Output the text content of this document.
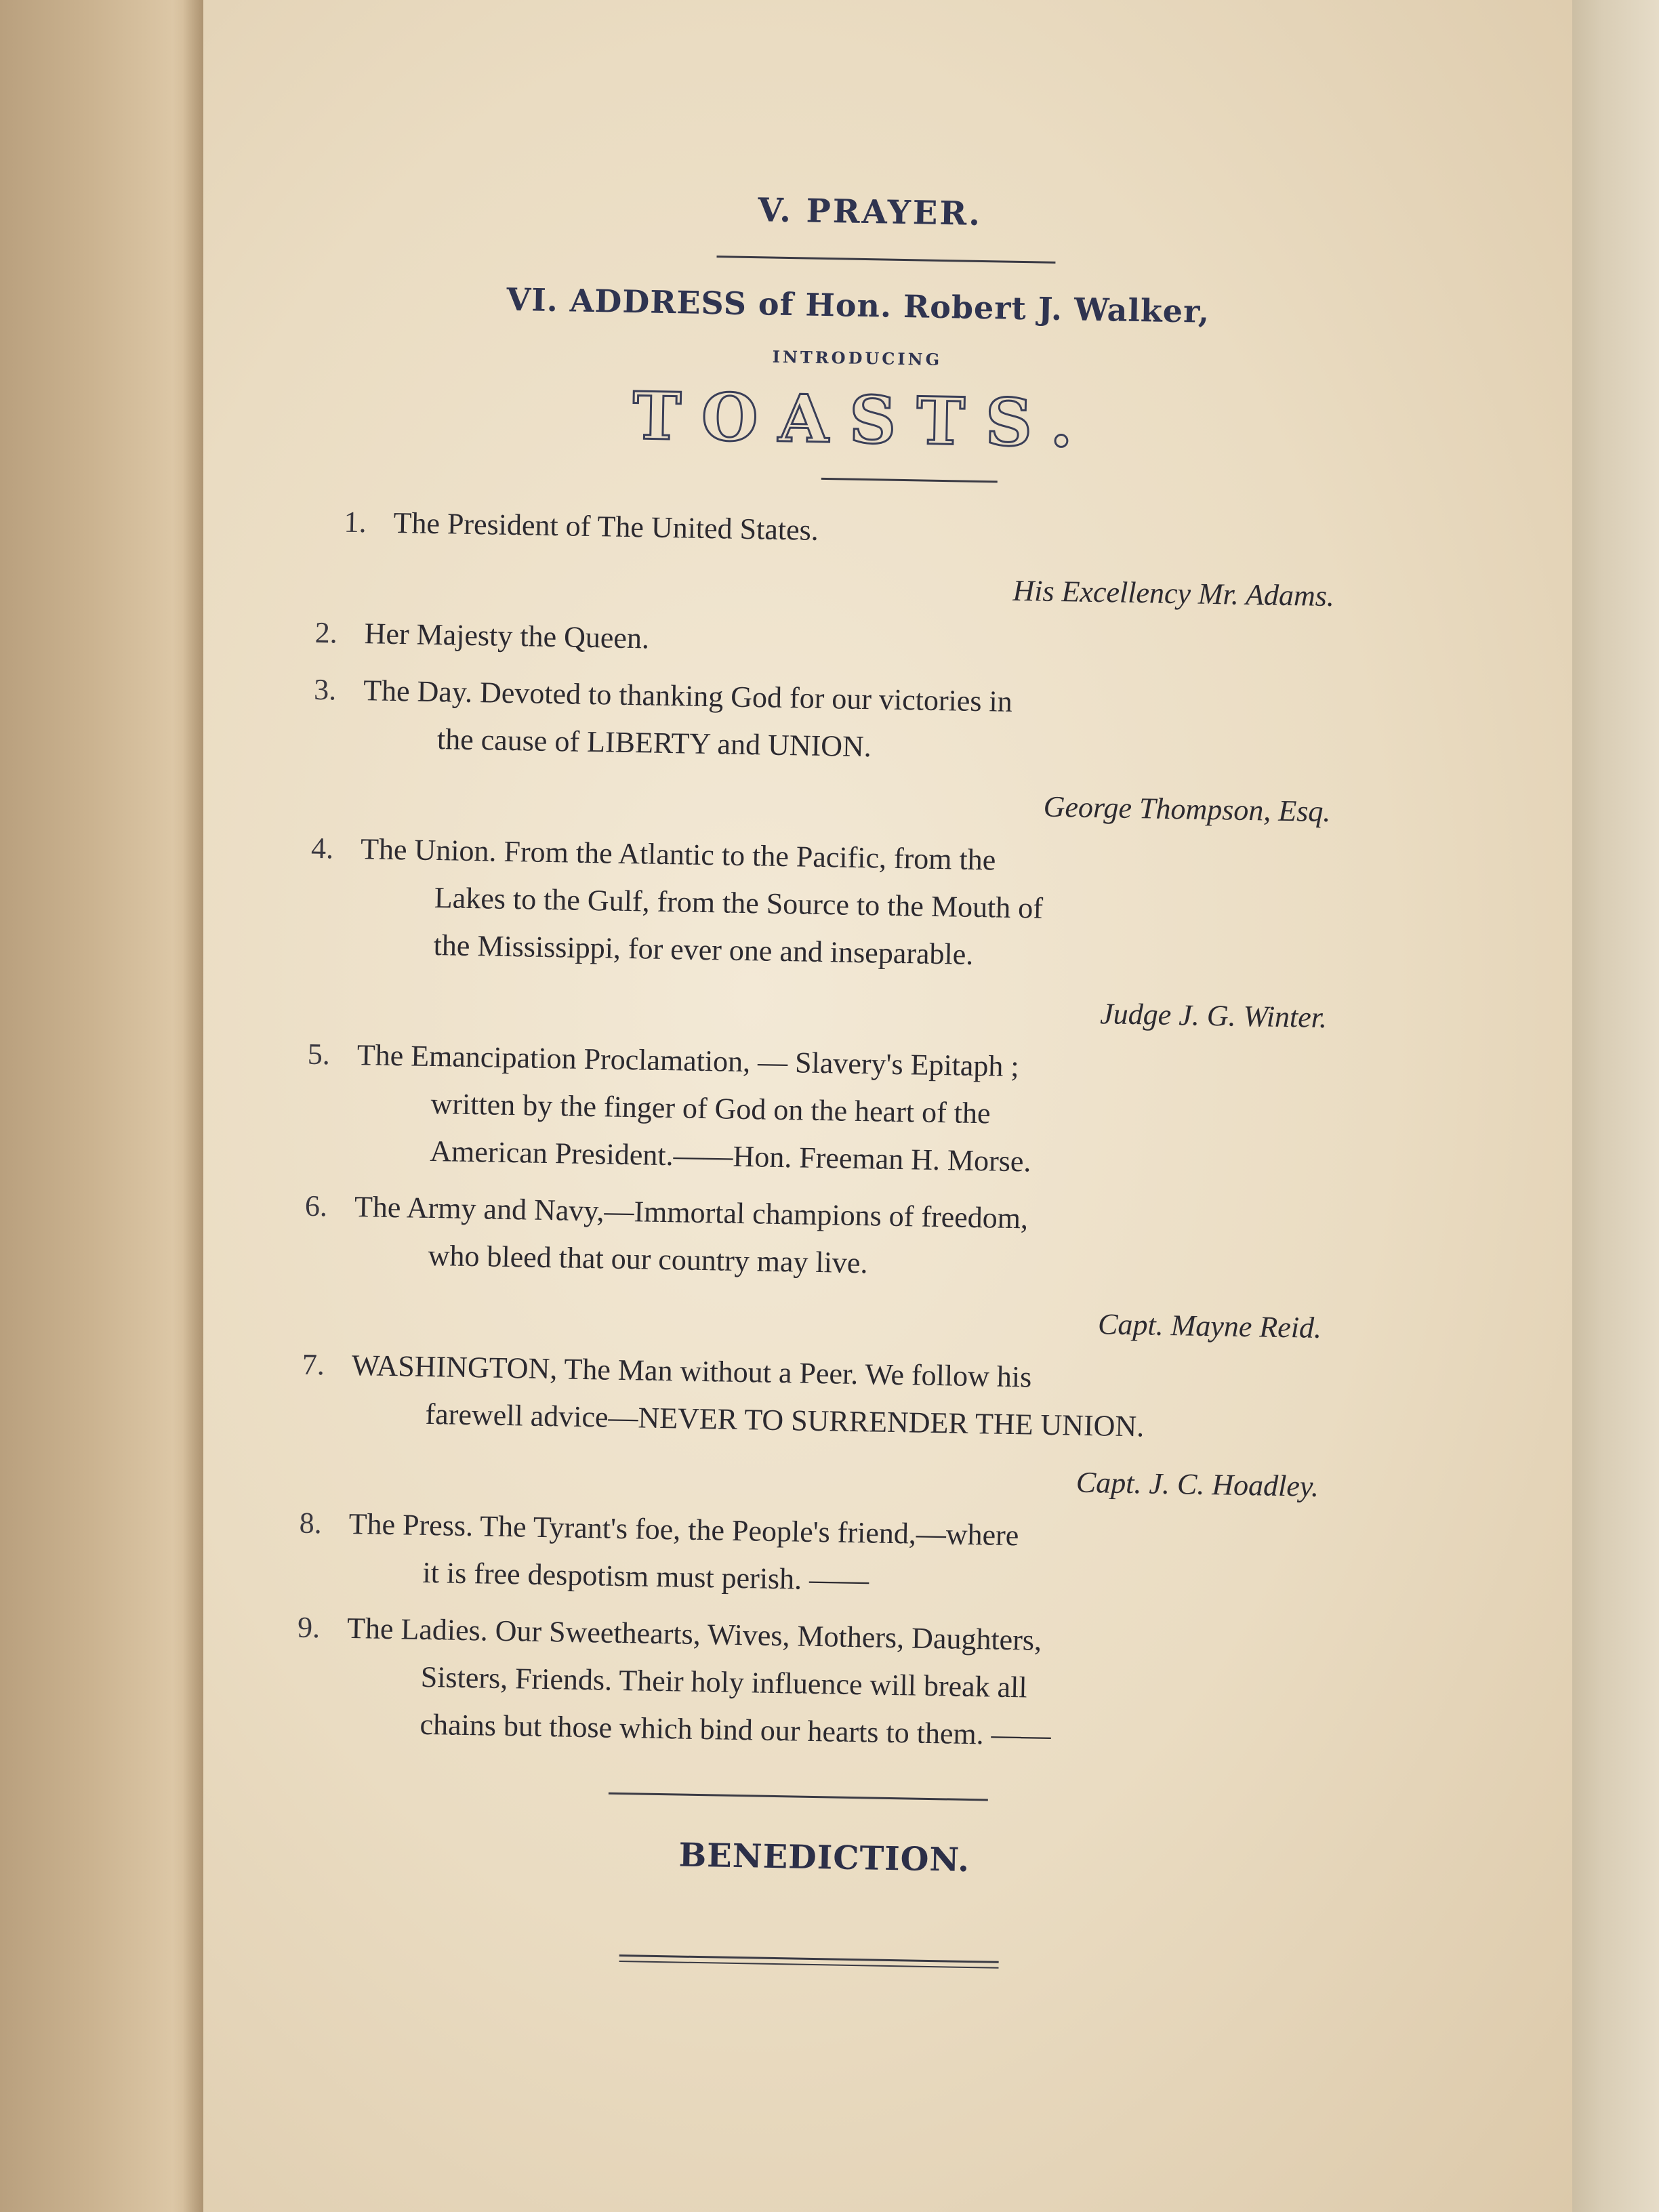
V. PRAYER.
VI. ADDRESS of Hon. Robert J. Walker,
INTRODUCING
TOASTS.
1. The President of The United States.
His Excellency Mr. Adams.
2. Her Majesty the Queen.
3. The Day. Devoted to thanking God for our victories in
the cause of LIBERTY and UNION.
George Thompson, Esq.
4. The Union. From the Atlantic to the Pacific, from the
Lakes to the Gulf, from the Source to the Mouth of
the Mississippi, for ever one and inseparable.
Judge J. G. Winter.
5. The Emancipation Proclamation, — Slavery's Epitaph ;
written by the finger of God on the heart of the
American President.——Hon. Freeman H. Morse.
6. The Army and Navy,—Immortal champions of freedom,
who bleed that our country may live.
Capt. Mayne Reid.
7. WASHINGTON, The Man without a Peer. We follow his
farewell advice—NEVER TO SURRENDER THE UNION.
Capt. J. C. Hoadley.
8. The Press. The Tyrant's foe, the People's friend,—where
it is free despotism must perish. ——
9. The Ladies. Our Sweethearts, Wives, Mothers, Daughters,
Sisters, Friends. Their holy influence will break all
chains but those which bind our hearts to them. ——
BENEDICTION.
